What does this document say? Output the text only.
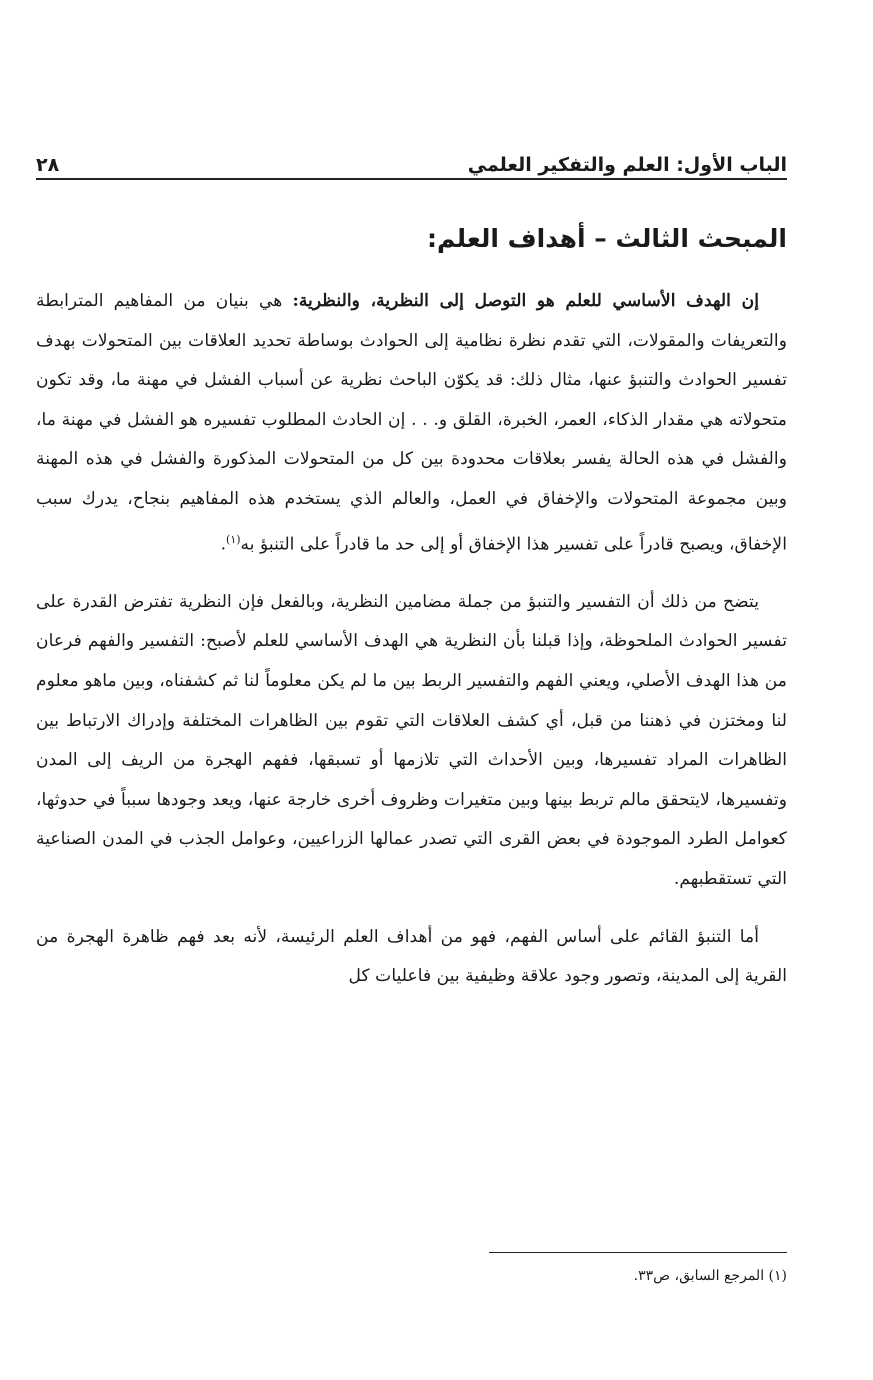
الباب الأول: العلم والتفكير العلمي
٢٨
المبحث الثالث – أهداف العلم:

إن الهدف الأساسي للعلم هو التوصل إلى النظرية، والنظرية: هي بنيان من المفاهيم المترابطة والتعريفات والمقولات، التي تقدم نظرة نظامية إلى الحوادث بوساطة تحديد العلاقات بين المتحولات بهدف تفسير الحوادث والتنبؤ عنها، مثال ذلك: قد يكوّن الباحث نظرية عن أسباب الفشل في مهنة ما، وقد تكون متحولاته هي مقدار الذكاء، العمر، الخبرة، القلق و. . . إن الحادث المطلوب تفسيره هو الفشل في مهنة ما، والفشل في هذه الحالة يفسر بعلاقات محدودة بين كل من المتحولات المذكورة والفشل في هذه المهنة وبين مجموعة المتحولات والإخفاق في العمل، والعالم الذي يستخدم هذه المفاهيم بنجاح، يدرك سبب الإخفاق، ويصبح قادراً على تفسير هذا الإخفاق أو إلى حد ما قادراً على التنبؤ به$^{(١)}$.

يتضح من ذلك أن التفسير والتنبؤ من جملة مضامين النظرية، وبالفعل فإن النظرية تفترض القدرة على تفسير الحوادث الملحوظة، وإذا قبلنا بأن النظرية هي الهدف الأساسي للعلم لأصبح: التفسير والفهم فرعان من هذا الهدف الأصلي، ويعني الفهم والتفسير الربط بين ما لم يكن معلوماً لنا ثم كشفناه، وبين ماهو معلوم لنا ومختزن في ذهننا من قبل، أي كشف العلاقات التي تقوم بين الظاهرات المختلفة وإدراك الارتباط بين الظاهرات المراد تفسيرها، وبين الأحداث التي تلازمها أو تسبقها، ففهم الهجرة من الريف إلى المدن وتفسيرها، لايتحقق مالم تربط بينها وبين متغيرات وظروف أخرى خارجة عنها، ويعد وجودها سبباً في حدوثها، كعوامل الطرد الموجودة في بعض القرى التي تصدر عمالها الزراعيين، وعوامل الجذب في المدن الصناعية التي تستقطبهم.

أما التنبؤ القائم على أساس الفهم، فهو من أهداف العلم الرئيسة، لأنه بعد فهم ظاهرة الهجرة من القرية إلى المدينة، وتصور وجود علاقة وظيفية بين فاعليات كل

(١) المرجع السابق، ص٣٣.
